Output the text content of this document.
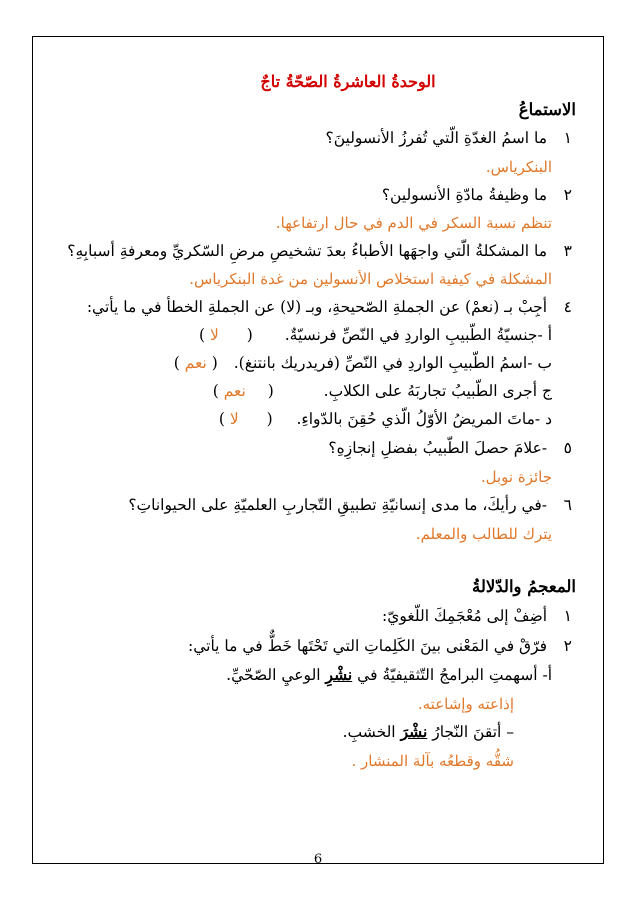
الوحدةُ العاشرةُ الصّحّةُ تاجٌ
الاستماعُ
١ ما اسمُ الغدّةِ الّتي تُفرزُ الأنسولينَ؟
البنكرياس.
٢ ما وظيفةُ مادّةِ الأنسولين؟
تنظم نسبة السكر في الدم في حال ارتفاعها.
٣ ما المشكلةُ الّتي واجهَها الأطباءُ بعدَ تشخيصِ مرضِ السّكريِّ ومعرفةِ أسبابِهِ؟
المشكلة في كيفية استخلاص الأنسولين من غدة البنكرياس.
٤ أجِبْ بـ (نعمْ) عن الجملةِ الصّحيحةِ، وبـ (لا) عن الجملةِ الخطأ في ما يأتي:
أ -جنسيّةُ الطّبيبِ الواردِ في النّصِّ فرنسيّةٌ.  (  لا )
ب -اسمُ الطّبيبِ الواردِ في النّصِّ (فريدريك بانتنغ).  ( نعم )
ج أجرى الطّبيبُ تجاربَهُ على الكلابِ.  (  نعم )
د -ماتَ المريضُ الأوّلُ الّذي حُقِنَ بالدّواءِ.  (  لا )
٥ -علامَ حصلَ الطّبيبُ بفضلِ إنجازِهِ؟
جائزة نوبل.
٦ -في رأيكَ، ما مدى إنسانيّةِ تطبيقِ التّجاربِ العلميّةِ على الحيواناتِ؟
يترك للطالب والمعلم.
المعجمُ والدّلالةُ
١ أضِفْ إلى مُعْجَمِكَ اللّغويّ:
٢ فرّقْ في المَعْنى بينَ الكَلِماتِ التي تَحْتَها خَطٌّ في ما يأتي:
أ- أسهمتِ البرامجُ التّثقيفيّةُ في نشْرِ الوعيِ الصّحّيِّ.
إذاعته وإشاعته.
– أتقنَ النّجارُ نشْرَ الخشبِ.
شقُّه وقطعُه بآلة المنشار .
6
